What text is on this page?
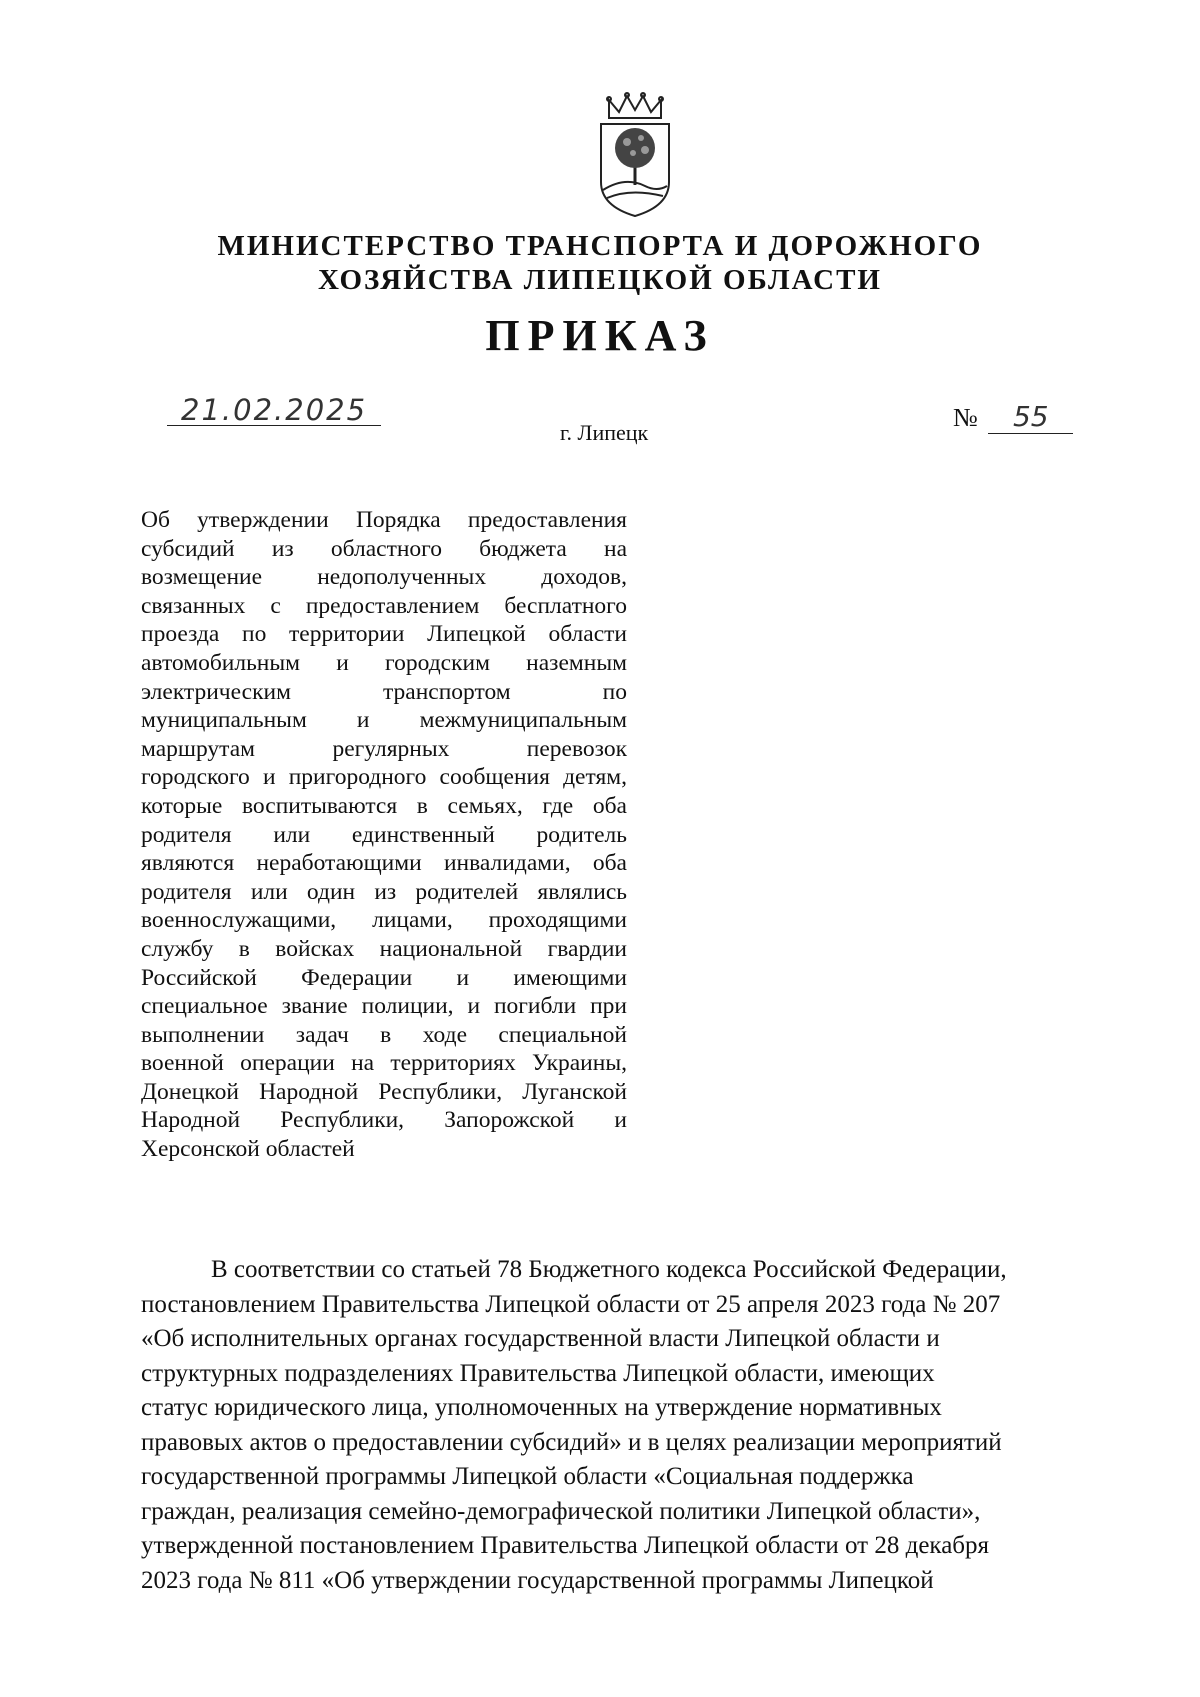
МИНИСТЕРСТВО ТРАНСПОРТА И ДОРОЖНОГО
ХОЗЯЙСТВА ЛИПЕЦКОЙ ОБЛАСТИ
ПРИКАЗ
21.02.2025
г. Липецк
№ 55
Об утверждении Порядка предоставления
субсидий из областного бюджета на
возмещение недополученных доходов,
связанных с предоставлением бесплатного
проезда по территории Липецкой области
автомобильным и городским наземным
электрическим транспортом по
муниципальным и межмуниципальным
маршрутам регулярных перевозок
городского и пригородного сообщения детям,
которые воспитываются в семьях, где оба
родителя или единственный родитель
являются неработающими инвалидами, оба
родителя или один из родителей являлись
военнослужащими, лицами, проходящими
службу в войсках национальной гвардии
Российской Федерации и имеющими
специальное звание полиции, и погибли при
выполнении задач в ходе специальной
военной операции на территориях Украины,
Донецкой Народной Республики, Луганской
Народной Республики, Запорожской и
Херсонской областей
В соответствии со статьей 78 Бюджетного кодекса Российской Федерации,
постановлением Правительства Липецкой области от 25 апреля 2023 года № 207
«Об исполнительных органах государственной власти Липецкой области и
структурных подразделениях Правительства Липецкой области, имеющих
статус юридического лица, уполномоченных на утверждение нормативных
правовых актов о предоставлении субсидий» и в целях реализации мероприятий
государственной программы Липецкой области «Социальная поддержка
граждан, реализация семейно-демографической политики Липецкой области»,
утвержденной постановлением Правительства Липецкой области от 28 декабря
2023 года № 811 «Об утверждении государственной программы Липецкой
